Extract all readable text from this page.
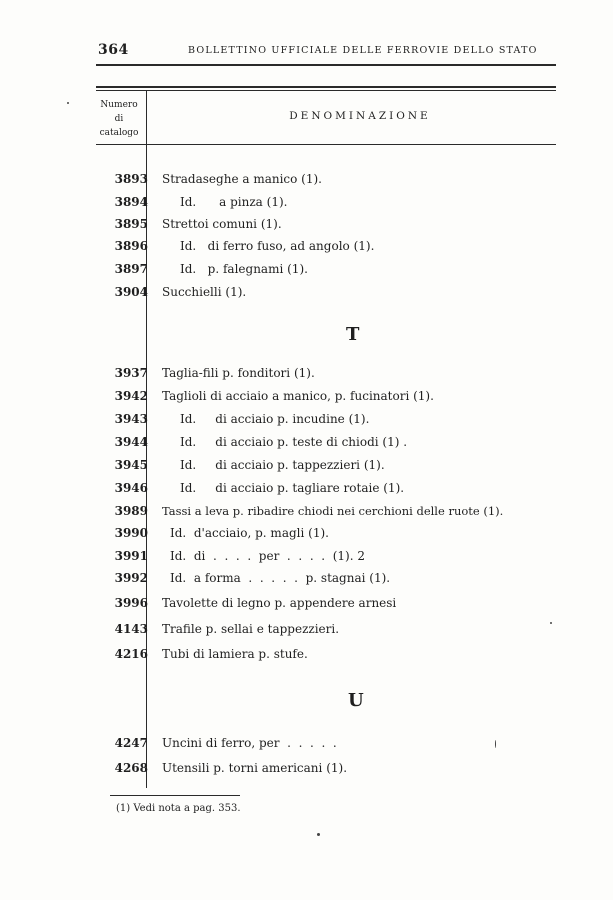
364	BOLLETTINO UFFICIALE DELLE FERROVIE DELLO STATO
Numero
di
catalogo
DENOMINAZIONE
3893 Stradaseghe a manico (1).
3894	Id.      a pinza (1).
3895 Strettoi comuni (1).
3896	Id.   di ferro fuso, ad angolo (1).
3897	Id.   p. falegnami (1).
3904 Succhielli (1).
T
3937 Taglia-fili p. fonditori (1).
3942 Taglioli di acciaio a manico, p. fucinatori (1).
3943	Id.     di acciaio p. incudine (1).
3944	Id.     di acciaio p. teste di chiodi (1) .
3945	Id.     di acciaio p. tappezzieri (1).
3946	Id.     di acciaio p. tagliare rotaie (1).
3989 Tassi a leva p. ribadire chiodi nei cerchioni delle ruote (1).
3990 Id.  d'acciaio, p. magli (1).
3991 Id.  di  .  .  .  .  per  .  .  .  .  (1). 2
3992 Id.  a forma  .  .  .  .  .  p. stagnai (1).
3996 Tavolette di legno p. appendere arnesi
4143 Trafile p. sellai e tappezzieri.
4216 Tubi di lamiera p. stufe.
U
4247 Uncini di ferro, per  .  .  .  .  .
4268 Utensili p. torni americani (1).
(1) Vedi nota a pag. 353.
